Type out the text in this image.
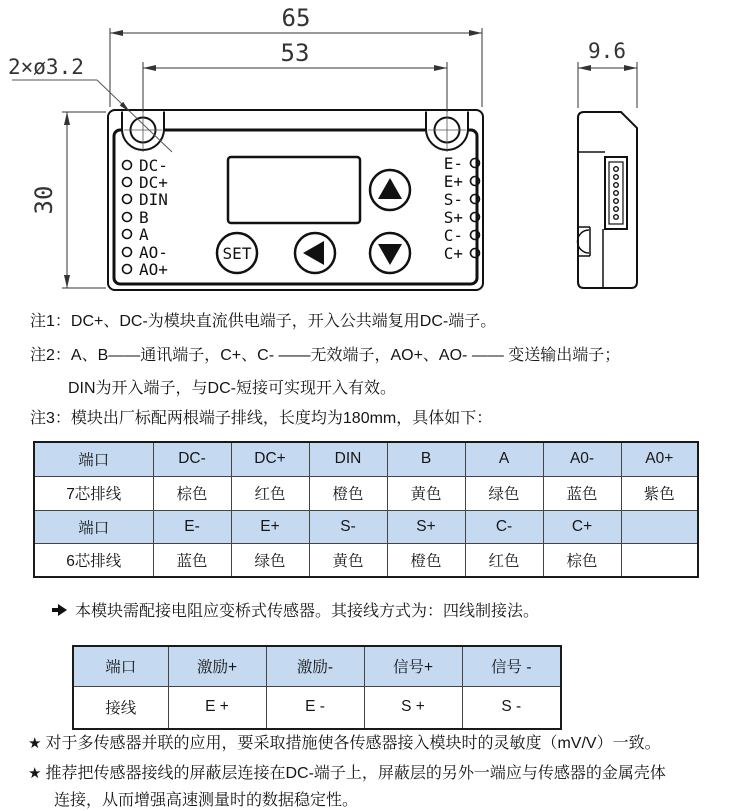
SET
DC-
DC+
DIN
B
A
AO-
AO+
E-
E+
S-
S+
C-
C+
65
53
30
2×ø3.2
9.6
注1：DC+、DC-为模块直流供电端子，开入公共端复用DC-端子。
注2：A、B——通讯端子，C+、C- ——无效端子，AO+、AO- —— 变送输出端子；
DIN为开入端子，与DC-短接可实现开入有效。
注3：模块出厂标配两根端子排线，长度均为180mm，具体如下：
端口	DC-	DC+	DIN	B	A	A0-	A0+
7芯排线	棕色	红色	橙色	黄色	绿色	蓝色	紫色
端口	E-	E+	S-	S+	C-	C+	
6芯排线	蓝色	绿色	黄色	橙色	红色	棕色	
本模块需配接电阻应变桥式传感器。其接线方式为：四线制接法。
端口	激励+	激励-	信号+	信号 -
接线	E +	E -	S +	S -
★ 对于多传感器并联的应用，要采取措施使各传感器接入模块时的灵敏度（mV/V）一致。
★ 推荐把传感器接线的屏蔽层连接在DC-端子上，屏蔽层的另外一端应与传感器的金属壳体
连接，从而增强高速测量时的数据稳定性。
